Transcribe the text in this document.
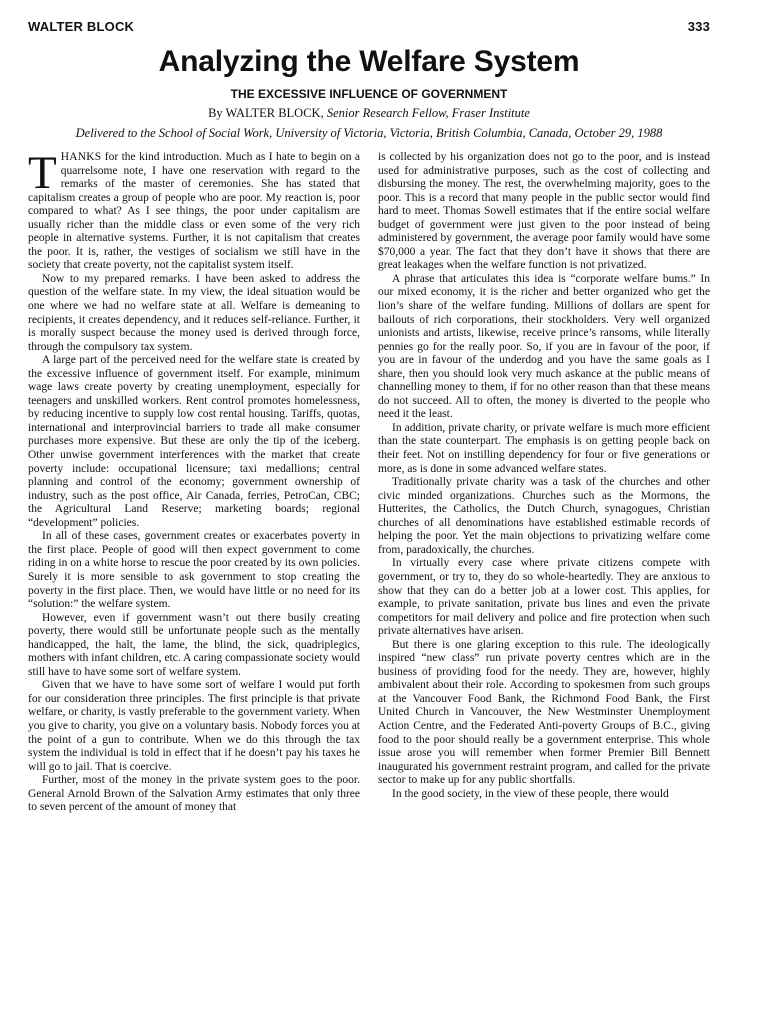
WALTER BLOCK	333
Analyzing the Welfare System
THE EXCESSIVE INFLUENCE OF GOVERNMENT
By WALTER BLOCK, Senior Research Fellow, Fraser Institute
Delivered to the School of Social Work, University of Victoria, Victoria, British Columbia, Canada, October 29, 1988

THANKS for the kind introduction. Much as I hate to begin on a quarrelsome note, I have one reservation with regard to the remarks of the master of ceremonies. She has stated that capitalism creates a group of people who are poor. My reaction is, poor compared to what? As I see things, the poor under capitalism are usually richer than the middle class or even some of the very rich people in alternative systems. Further, it is not capitalism that creates the poor. It is, rather, the vestiges of socialism we still have in the society that create poverty, not the capitalist system itself.

Now to my prepared remarks. I have been asked to address the question of the welfare state. In my view, the ideal situation would be one where we had no welfare state at all. Welfare is demeaning to recipients, it creates dependency, and it reduces self-reliance. Further, it is morally suspect because the money used is derived through force, through the compulsory tax system.

A large part of the perceived need for the welfare state is created by the excessive influence of government itself. For example, minimum wage laws create poverty by creating unemployment, especially for teenagers and unskilled workers. Rent control promotes homelessness, by reducing incentive to supply low cost rental housing. Tariffs, quotas, international and interprovincial barriers to trade all make consumer purchases more expensive. But these are only the tip of the iceberg. Other unwise government interferences with the market that create poverty include: occupational licensure; taxi medallions; central planning and control of the economy; government ownership of industry, such as the post office, Air Canada, ferries, PetroCan, CBC; the Agricultural Land Reserve; marketing boards; regional “development” policies.

In all of these cases, government creates or exacerbates poverty in the first place. People of good will then expect government to come riding in on a white horse to rescue the poor created by its own policies. Surely it is more sensible to ask government to stop creating the poverty in the first place. Then, we would have little or no need for its “solution:” the welfare system.

However, even if government wasn’t out there busily creating poverty, there would still be unfortunate people such as the mentally handicapped, the halt, the lame, the blind, the sick, quadriplegics, mothers with infant children, etc. A caring compassionate society would still have to have some sort of welfare system.

Given that we have to have some sort of welfare I would put forth for our consideration three principles. The first principle is that private welfare, or charity, is vastly preferable to the government variety. When you give to charity, you give on a voluntary basis. Nobody forces you at the point of a gun to contribute. When we do this through the tax system the individual is told in effect that if he doesn’t pay his taxes he will go to jail. That is coercive.

Further, most of the money in the private system goes to the poor. General Arnold Brown of the Salvation Army estimates that only three to seven percent of the amount of money that

is collected by his organization does not go to the poor, and is instead used for administrative purposes, such as the cost of collecting and disbursing the money. The rest, the overwhelming majority, goes to the poor. This is a record that many people in the public sector would find hard to meet. Thomas Sowell estimates that if the entire social welfare budget of government were just given to the poor instead of being administered by government, the average poor family would have some $70,000 a year. The fact that they don’t have it shows that there are great leakages when the welfare function is not privatized.

A phrase that articulates this idea is “corporate welfare bums.” In our mixed economy, it is the richer and better organized who get the lion’s share of the welfare funding. Millions of dollars are spent for bailouts of rich corporations, their stockholders. Very well organized unionists and artists, likewise, receive prince’s ransoms, while literally pennies go for the really poor. So, if you are in favour of the poor, if you are in favour of the underdog and you have the same goals as I share, then you should look very much askance at the public means of channelling money to them, if for no other reason than that these means do not succeed. All to often, the money is diverted to the people who need it the least.

In addition, private charity, or private welfare is much more efficient than the state counterpart. The emphasis is on getting people back on their feet. Not on instilling dependency for four or five generations or more, as is done in some advanced welfare states.

Traditionally private charity was a task of the churches and other civic minded organizations. Churches such as the Mormons, the Hutterites, the Catholics, the Dutch Church, synagogues, Christian churches of all denominations have established estimable records of helping the poor. Yet the main objections to privatizing welfare come from, paradoxically, the churches.

In virtually every case where private citizens compete with government, or try to, they do so whole-heartedly. They are anxious to show that they can do a better job at a lower cost. This applies, for example, to private sanitation, private bus lines and even the private competitors for mail delivery and police and fire protection when such private alternatives have arisen.

But there is one glaring exception to this rule. The ideologically inspired “new class” run private poverty centres which are in the business of providing food for the needy. They are, however, highly ambivalent about their role. According to spokesmen from such groups at the Vancouver Food Bank, the Richmond Food Bank, the First United Church in Vancouver, the New Westminster Unemployment Action Centre, and the Federated Anti-poverty Groups of B.C., giving food to the poor should really be a government enterprise. This whole issue arose you will remember when former Premier Bill Bennett inaugurated his government restraint program, and called for the private sector to make up for any public shortfalls.

In the good society, in the view of these people, there would
